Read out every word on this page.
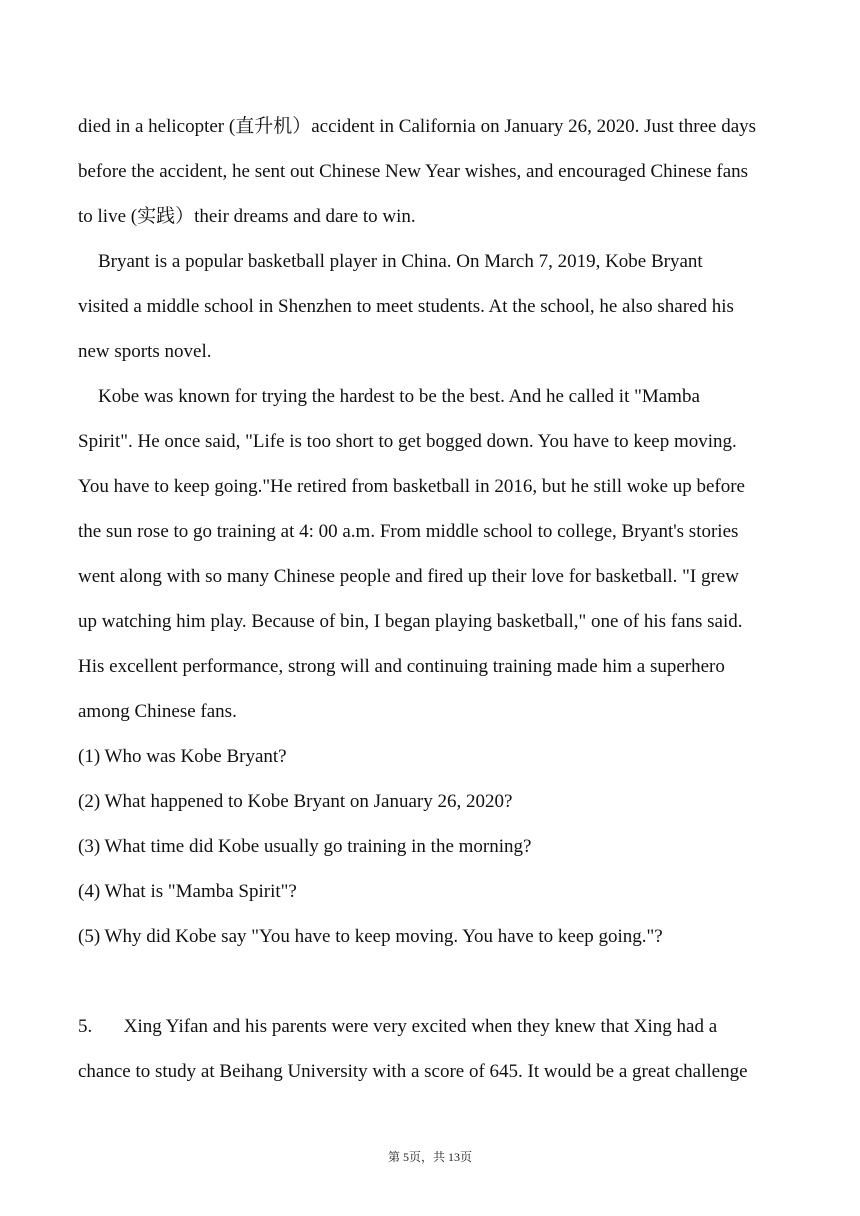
died in a helicopter (直升机）accident in California on January 26, 2020. Just three days
before the accident, he sent out Chinese New Year wishes, and encouraged Chinese fans
to live (实践）their dreams and dare to win.
Bryant is a popular basketball player in China. On March 7, 2019, Kobe Bryant
visited a middle school in Shenzhen to meet students. At the school, he also shared his
new sports novel.
Kobe was known for trying the hardest to be the best. And he called it "Mamba
Spirit". He once said, "Life is too short to get bogged down. You have to keep moving.
You have to keep going."He retired from basketball in 2016, but he still woke up before
the sun rose to go training at 4: 00 a.m. From middle school to college, Bryant's stories
went along with so many Chinese people and fired up their love for basketball. "I grew
up watching him play. Because of bin, I began playing basketball," one of his fans said.
His excellent performance, strong will and continuing training made him a superhero
among Chinese fans.
(1) Who was Kobe Bryant?
(2) What happened to Kobe Bryant on January 26, 2020?
(3) What time did Kobe usually go training in the morning?
(4) What is "Mamba Spirit"?
(5) Why did Kobe say "You have to keep moving. You have to keep going."?
5. Xing Yifan and his parents were very excited when they knew that Xing had a
chance to study at Beihang University with a score of 645. It would be a great challenge
第 5页，共 13页
